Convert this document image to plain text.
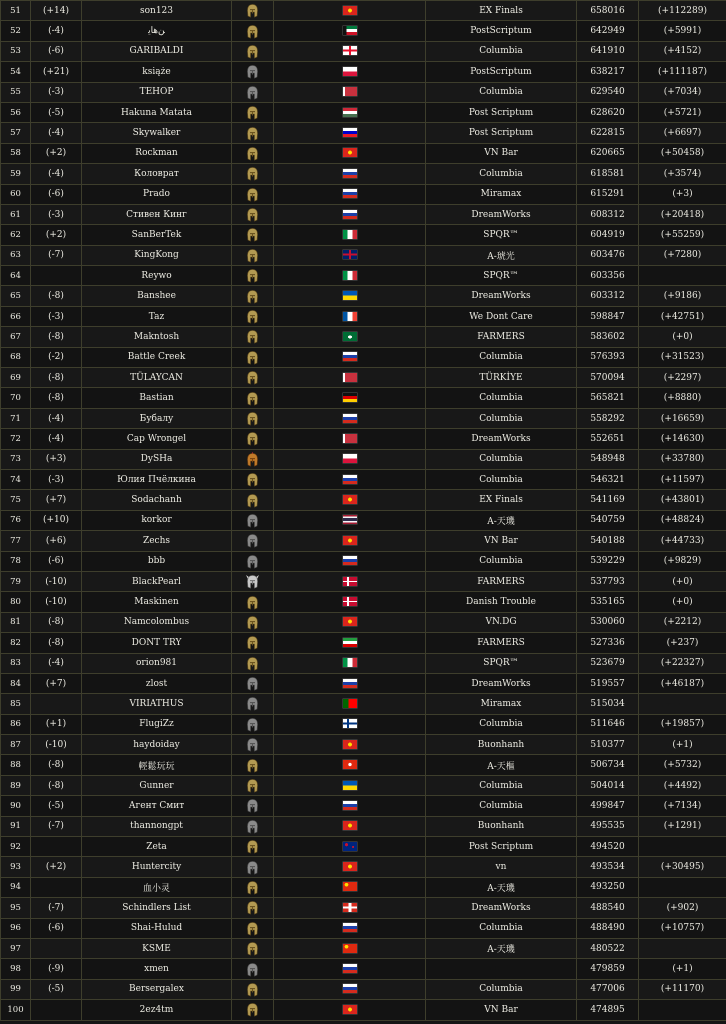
51	(+14)	son123			EX Finals	658016	(+112289)
52	(-4)	ﻦﻫﺎﻳ			PostScriptum	642949	(+5991)
53	(-6)	GARIBALDI			Columbia	641910	(+4152)
54	(+21)	książe			PostScriptum	638217	(+111187)
55	(-3)	TEHOP			Columbia	629540	(+7034)
56	(-5)	Hakuna Matata			Post Scriptum	628620	(+5721)
57	(-4)	Skywalker			Post Scriptum	622815	(+6697)
58	(+2)	Rockman			VN Bar	620665	(+50458)
59	(-4)	Коловрат			Columbia	618581	(+3574)
60	(-6)	Prado			Miramax	615291	(+3)
61	(-3)	Стивен Кинг			DreamWorks	608312	(+20418)
62	(+2)	SanBerTek			SPQR™	604919	(+55259)
63	(-7)	KingKong			A-琥光	603476	(+7280)
64		Reywo			SPQR™	603356	
65	(-8)	Banshee			DreamWorks	603312	(+9186)
66	(-3)	Taz			We Dont Care	598847	(+42751)
67	(-8)	Makntosh			FARMERS	583602	(+0)
68	(-2)	Battle Creek			Columbia	576393	(+31523)
69	(-8)	TÜLAYCAN			TÜRKİYE	570094	(+2297)
70	(-8)	Bastian			Columbia	565821	(+8880)
71	(-4)	Бубалу			Columbia	558292	(+16659)
72	(-4)	Cap Wrongel			DreamWorks	552651	(+14630)
73	(+3)	DySHa			Columbia	548948	(+33780)
74	(-3)	Юлия Пчёлкина			Columbia	546321	(+11597)
75	(+7)	Sodachanh			EX Finals	541169	(+43801)
76	(+10)	korkor			A-天璣	540759	(+48824)
77	(+6)	Zechs			VN Bar	540188	(+44733)
78	(-6)	bbb			Columbia	539229	(+9829)
79	(-10)	BlackPearl			FARMERS	537793	(+0)
80	(-10)	Maskinen			Danish Trouble	535165	(+0)
81	(-8)	Namcolombus			VN.DG	530060	(+2212)
82	(-8)	DONT TRY			FARMERS	527336	(+237)
83	(-4)	orion981			SPQR™	523679	(+22327)
84	(+7)	zlost			DreamWorks	519557	(+46187)
85		VIRIATHUS			Miramax	515034	
86	(+1)	FlugiZz			Columbia	511646	(+19857)
87	(-10)	haydoiday			Buonhanh	510377	(+1)
88	(-8)	輕鬆玩玩			A-天樞	506734	(+5732)
89	(-8)	Gunner			Columbia	504014	(+4492)
90	(-5)	Агент Смит			Columbia	499847	(+7134)
91	(-7)	thannongpt			Buonhanh	495535	(+1291)
92		Zeta			Post Scriptum	494520	
93	(+2)	Huntercity			vn	493534	(+30495)
94		血小灵			A-天璣	493250	
95	(-7)	Schindlers List			DreamWorks	488540	(+902)
96	(-6)	Shai-Hulud			Columbia	488490	(+10757)
97		KSME			A-天璣	480522	
98	(-9)	xmen				479859	(+1)
99	(-5)	Bersergalex			Columbia	477006	(+11170)
100		2ez4tm			VN Bar	474895	
